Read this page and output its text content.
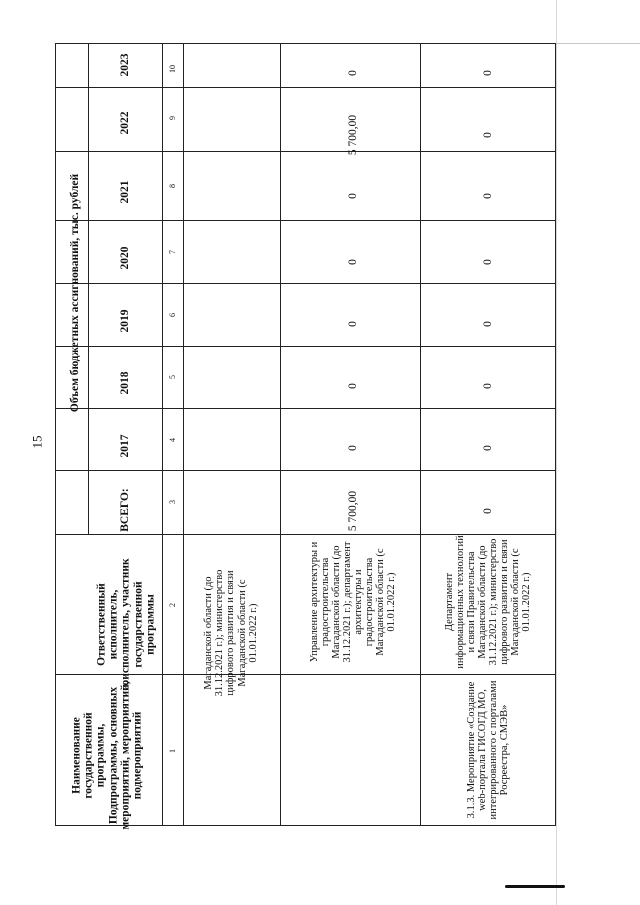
15
Наименование государственной программы, Подпрограммы, основных мероприятий, мероприятий, подмероприятий
Ответственный исполнитель, соисполнитель, участник государственной программы
Объем бюджетных ассигнований, тыс. рублей
ВСЕГО:
2017
2018
2019
2020
2021
2022
2023
1
2
3
4
5
6
7
8
9
10
Магаданской области (до 31.12.2021 г.); министерство цифрового развития и связи Магаданской области (с 01.01.2022 г.)	Управление архитектуры и градостроительства Магаданской области (до 31.12.2021 г.); департамент архитектуры и градостроительства Магаданской области (с 01.01.2022 г.)
5 700,00
0
0
0
0
0
5 700,00
0
3.1.3. Мероприятие «Создание web-портала ГИСОГД МО, интегрированного с порталами Росреестра, СМЭВ»
Департамент информационных технологий и связи Правительства Магаданской области (до 31.12.2021 г.); министерство цифрового развития и связи Магаданской области (с 01.01.2022 г.)
0
0
0
0
0
0
0
0
